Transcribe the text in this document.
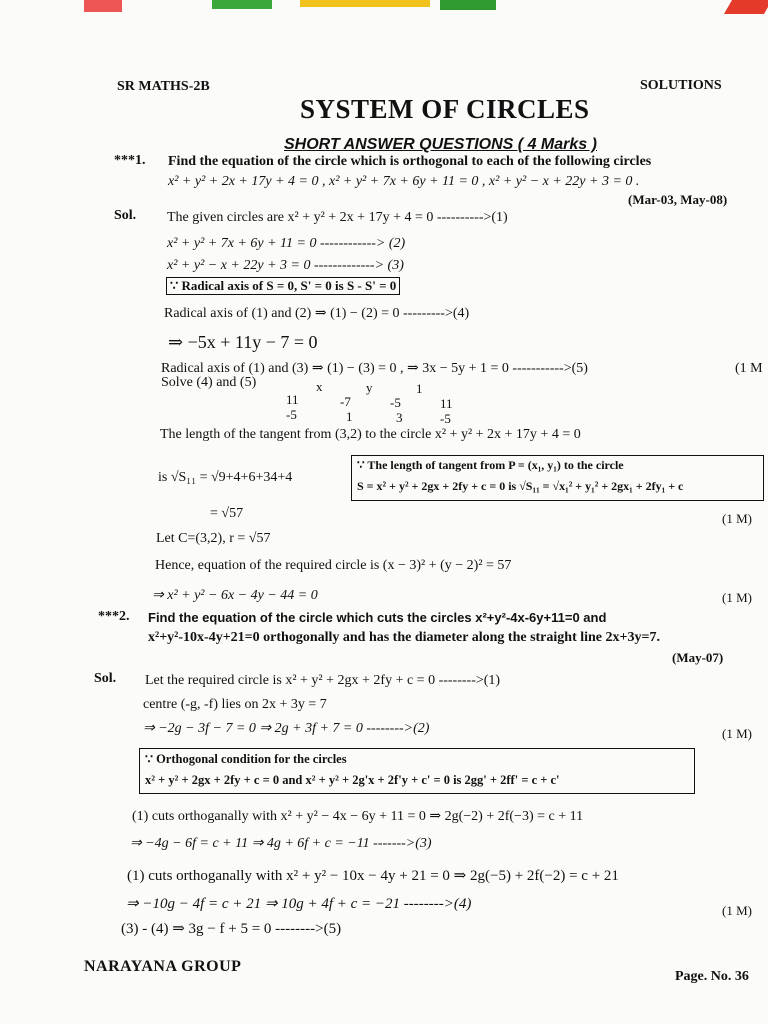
SR MATHS-2B	SOLUTIONS
SYSTEM OF CIRCLES
SHORT ANSWER QUESTIONS ( 4 Marks )
***1. Find the equation of the circle which is orthogonal to each of the following circles
x² + y² + 2x + 17y + 4 = 0 , x² + y² + 7x + 6y + 11 = 0 , x² + y² − x + 22y + 3 = 0 .
(Mar-03, May-08)
Sol. The given circles are x² + y² + 2x + 17y + 4 = 0 ---------->(1)
x² + y² + 7x + 6y + 11 = 0 ------------> (2)
x² + y² − x + 22y + 3 = 0 -------------> (3)
∵ Radical axis of S = 0, S' = 0 is S - S' = 0
Radical axis of (1) and (2) ⇒ (1) − (2) = 0 --------->(4)
⇒ −5x + 11y − 7 = 0
Radical axis of (1) and (3) ⇒ (1) − (3) = 0 , ⇒ 3x − 5y + 1 = 0 ----------->(5)	(1 M
Solve (4) and (5)	x	y	1
11	-7	-5	11
-5	1	3	-5
The length of the tangent from (3,2) to the circle x² + y² + 2x + 17y + 4 = 0
is √S₁₁ = √9+4+6+34+4
∵ The length of tangent from P = (x₁, y₁) to the circle
S = x² + y² + 2gx + 2fy + c = 0 is √S₁₁ = √x₁² + y₁² + 2gx₁ + 2fy₁ + c
= √57	(1 M)
Let C=(3,2), r = √57
Hence, equation of the required circle is (x − 3)² + (y − 2)² = 57
⇒ x² + y² − 6x − 4y − 44 = 0	(1 M)
***2. Find the equation of the circle which cuts the circles x²+y²-4x-6y+11=0 and
x²+y²-10x-4y+21=0 orthogonally and has the diameter along the straight line 2x+3y=7.
(May-07)
Sol. Let the required circle is x² + y² + 2gx + 2fy + c = 0 -------->(1)
centre (-g, -f) lies on 2x + 3y = 7
⇒ −2g − 3f − 7 = 0 ⇒ 2g + 3f + 7 = 0 -------->(2)	(1 M)
∵ Orthogonal condition for the circles
x² + y² + 2gx + 2fy + c = 0 and x² + y² + 2g'x + 2f'y + c' = 0 is 2gg' + 2ff' = c + c'
(1) cuts orthoganally with x² + y² − 4x − 6y + 11 = 0 ⇒ 2g(−2) + 2f(−3) = c + 11
⇒ −4g − 6f = c + 11 ⇒ 4g + 6f + c = −11 ------->(3)
(1) cuts orthoganally with x² + y² − 10x − 4y + 21 = 0 ⇒ 2g(−5) + 2f(−2) = c + 21
⇒ −10g − 4f = c + 21 ⇒ 10g + 4f + c = −21 -------->(4)	(1 M)
(3) - (4) ⇒ 3g − f + 5 = 0 -------->(5)
NARAYANA GROUP
Page. No. 36
